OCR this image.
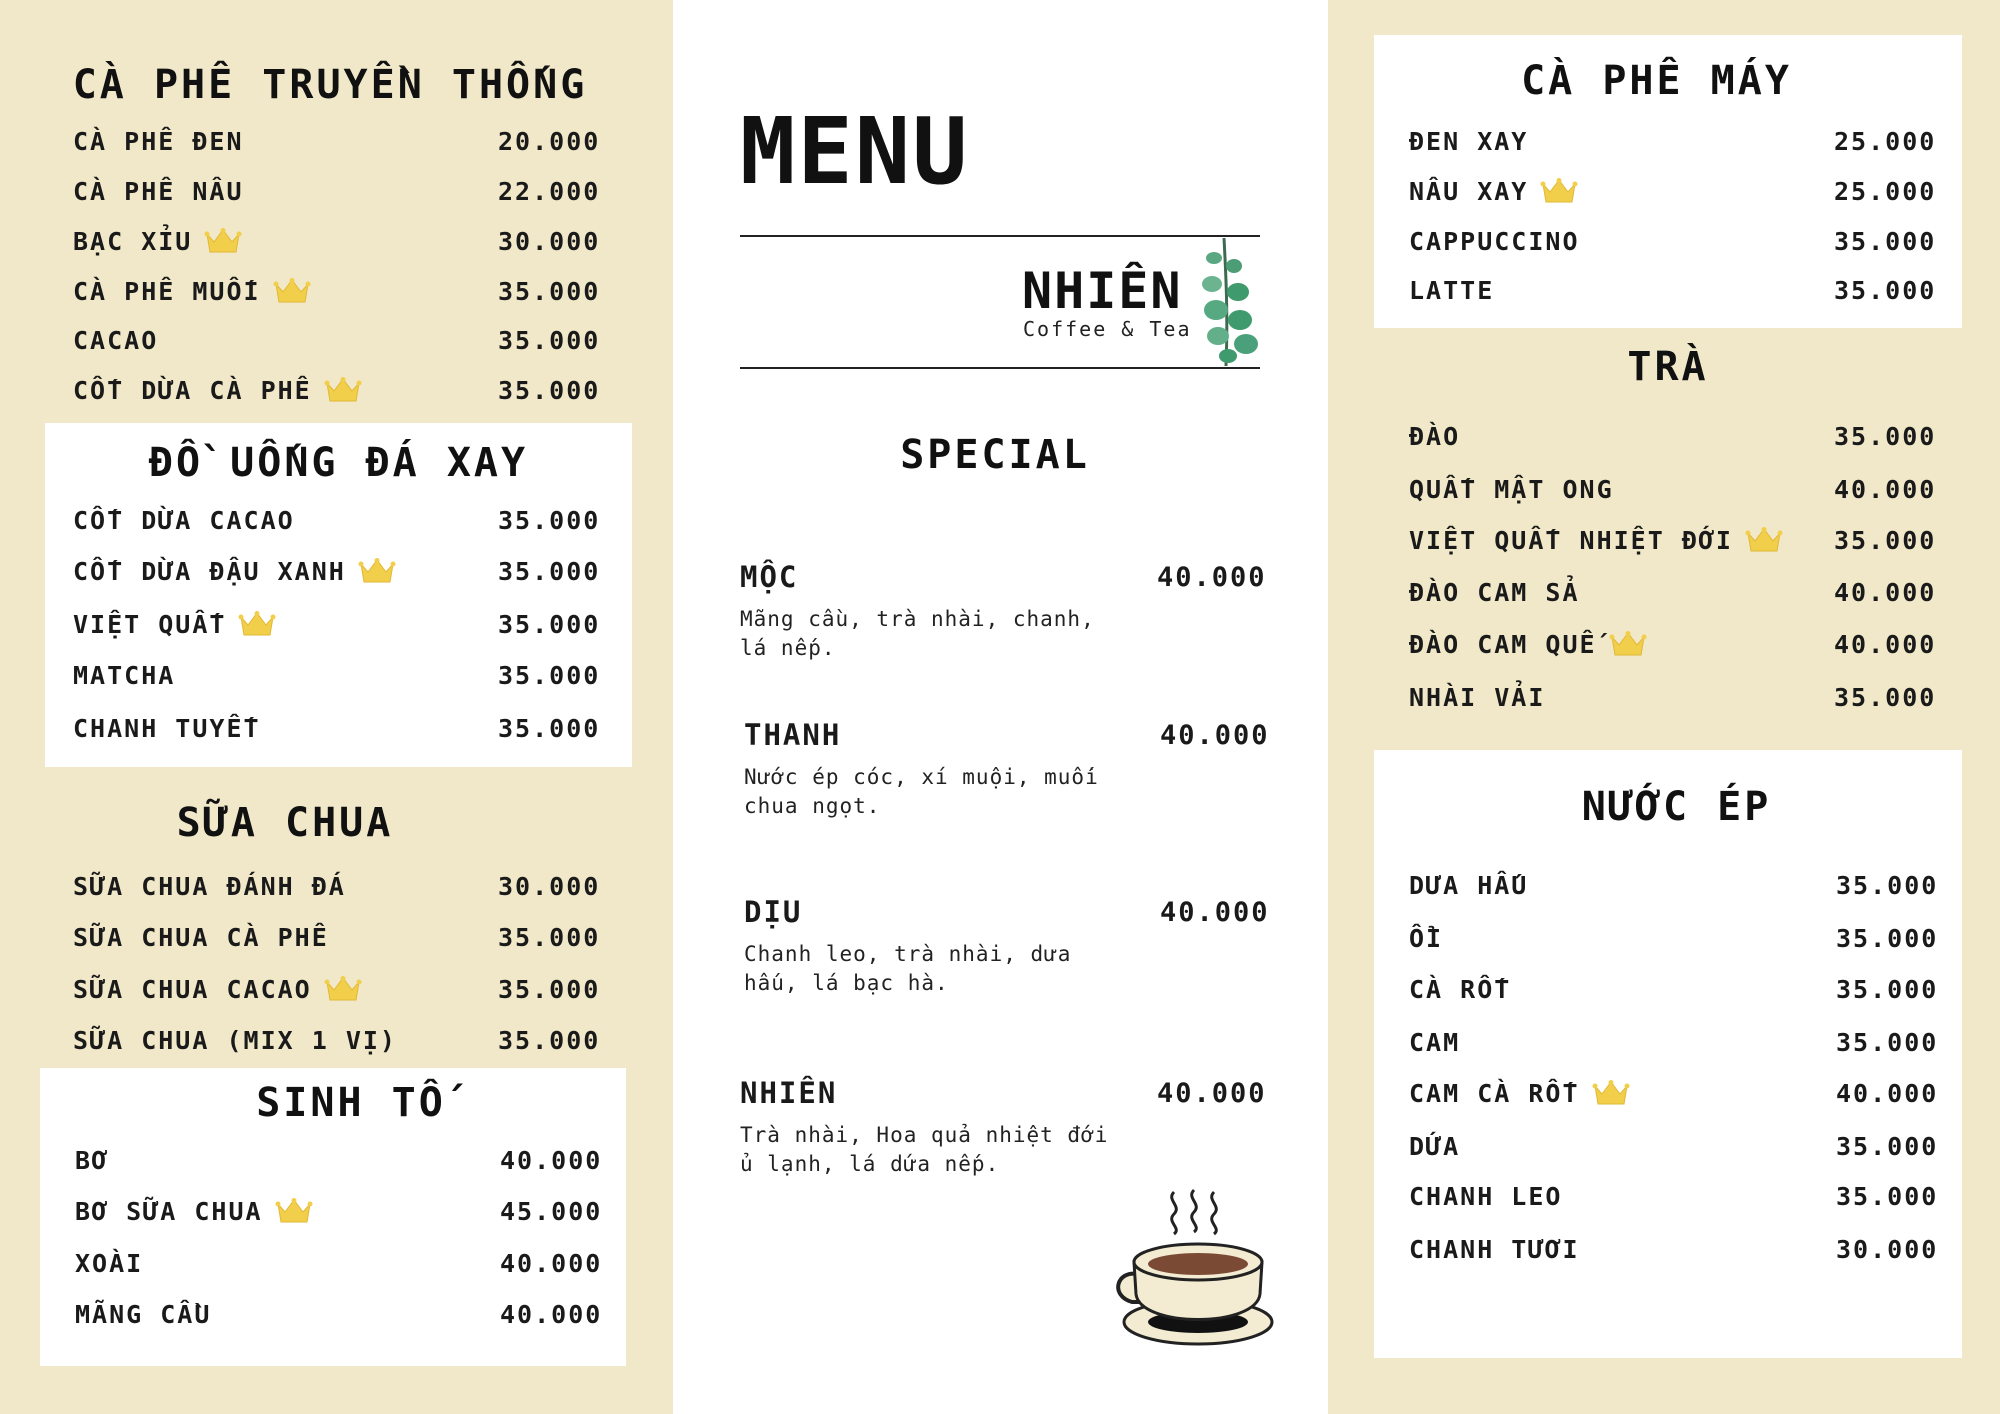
CÀ PHÊ TRUYỀN THỐNG
CÀ PHÊ ĐEN	20.000
CÀ PHÊ NÂU	22.000
BẠC XỈU	30.000
CÀ PHÊ MUỐI	35.000
CACAO	35.000
CỐT DỪA CÀ PHÊ	35.000
ĐỒ UỐNG ĐÁ XAY
CỐT DỪA CACAO	35.000
CỐT DỪA ĐẬU XANH	35.000
VIỆT QUẤT	35.000
MATCHA	35.000
CHANH TUYẾT	35.000
SỮA CHUA
SỮA CHUA ĐÁNH ĐÁ	30.000
SỮA CHUA CÀ PHÊ	35.000
SỮA CHUA CACAO	35.000
SỮA CHUA (MIX 1 VỊ)	35.000
SINH TỐ
BƠ	40.000
BƠ SỮA CHUA	45.000
XOÀI	40.000
MÃNG CẦU	40.000
MENU
NHIÊN
Coffee & Tea
SPECIAL
MỘC	40.000
Mãng cầu, trà nhài, chanh,
lá nếp.
THANH	40.000
Nước ép cóc, xí muội, muối
chua ngọt.
DỊU	40.000
Chanh leo, trà nhài, dưa
hấu, lá bạc hà.
NHIÊN	40.000
Trà nhài, Hoa quả nhiệt đới
ủ lạnh, lá dứa nếp.
CÀ PHÊ MÁY
ĐEN XAY	25.000
NÂU XAY	25.000
CAPPUCCINO	35.000
LATTE	35.000
TRÀ
ĐÀO	35.000
QUẤT MẬT ONG	40.000
VIỆT QUẤT NHIỆT ĐỚI	35.000
ĐÀO CAM SẢ	40.000
ĐÀO CAM QUẾ	40.000
NHÀI VẢI	35.000
NƯỚC ÉP
DƯA HẤU	35.000
ỔI	35.000
CÀ RỐT	35.000
CAM	35.000
CAM CÀ RỐT	40.000
DỨA	35.000
CHANH LEO	35.000
CHANH TƯƠI	30.000
